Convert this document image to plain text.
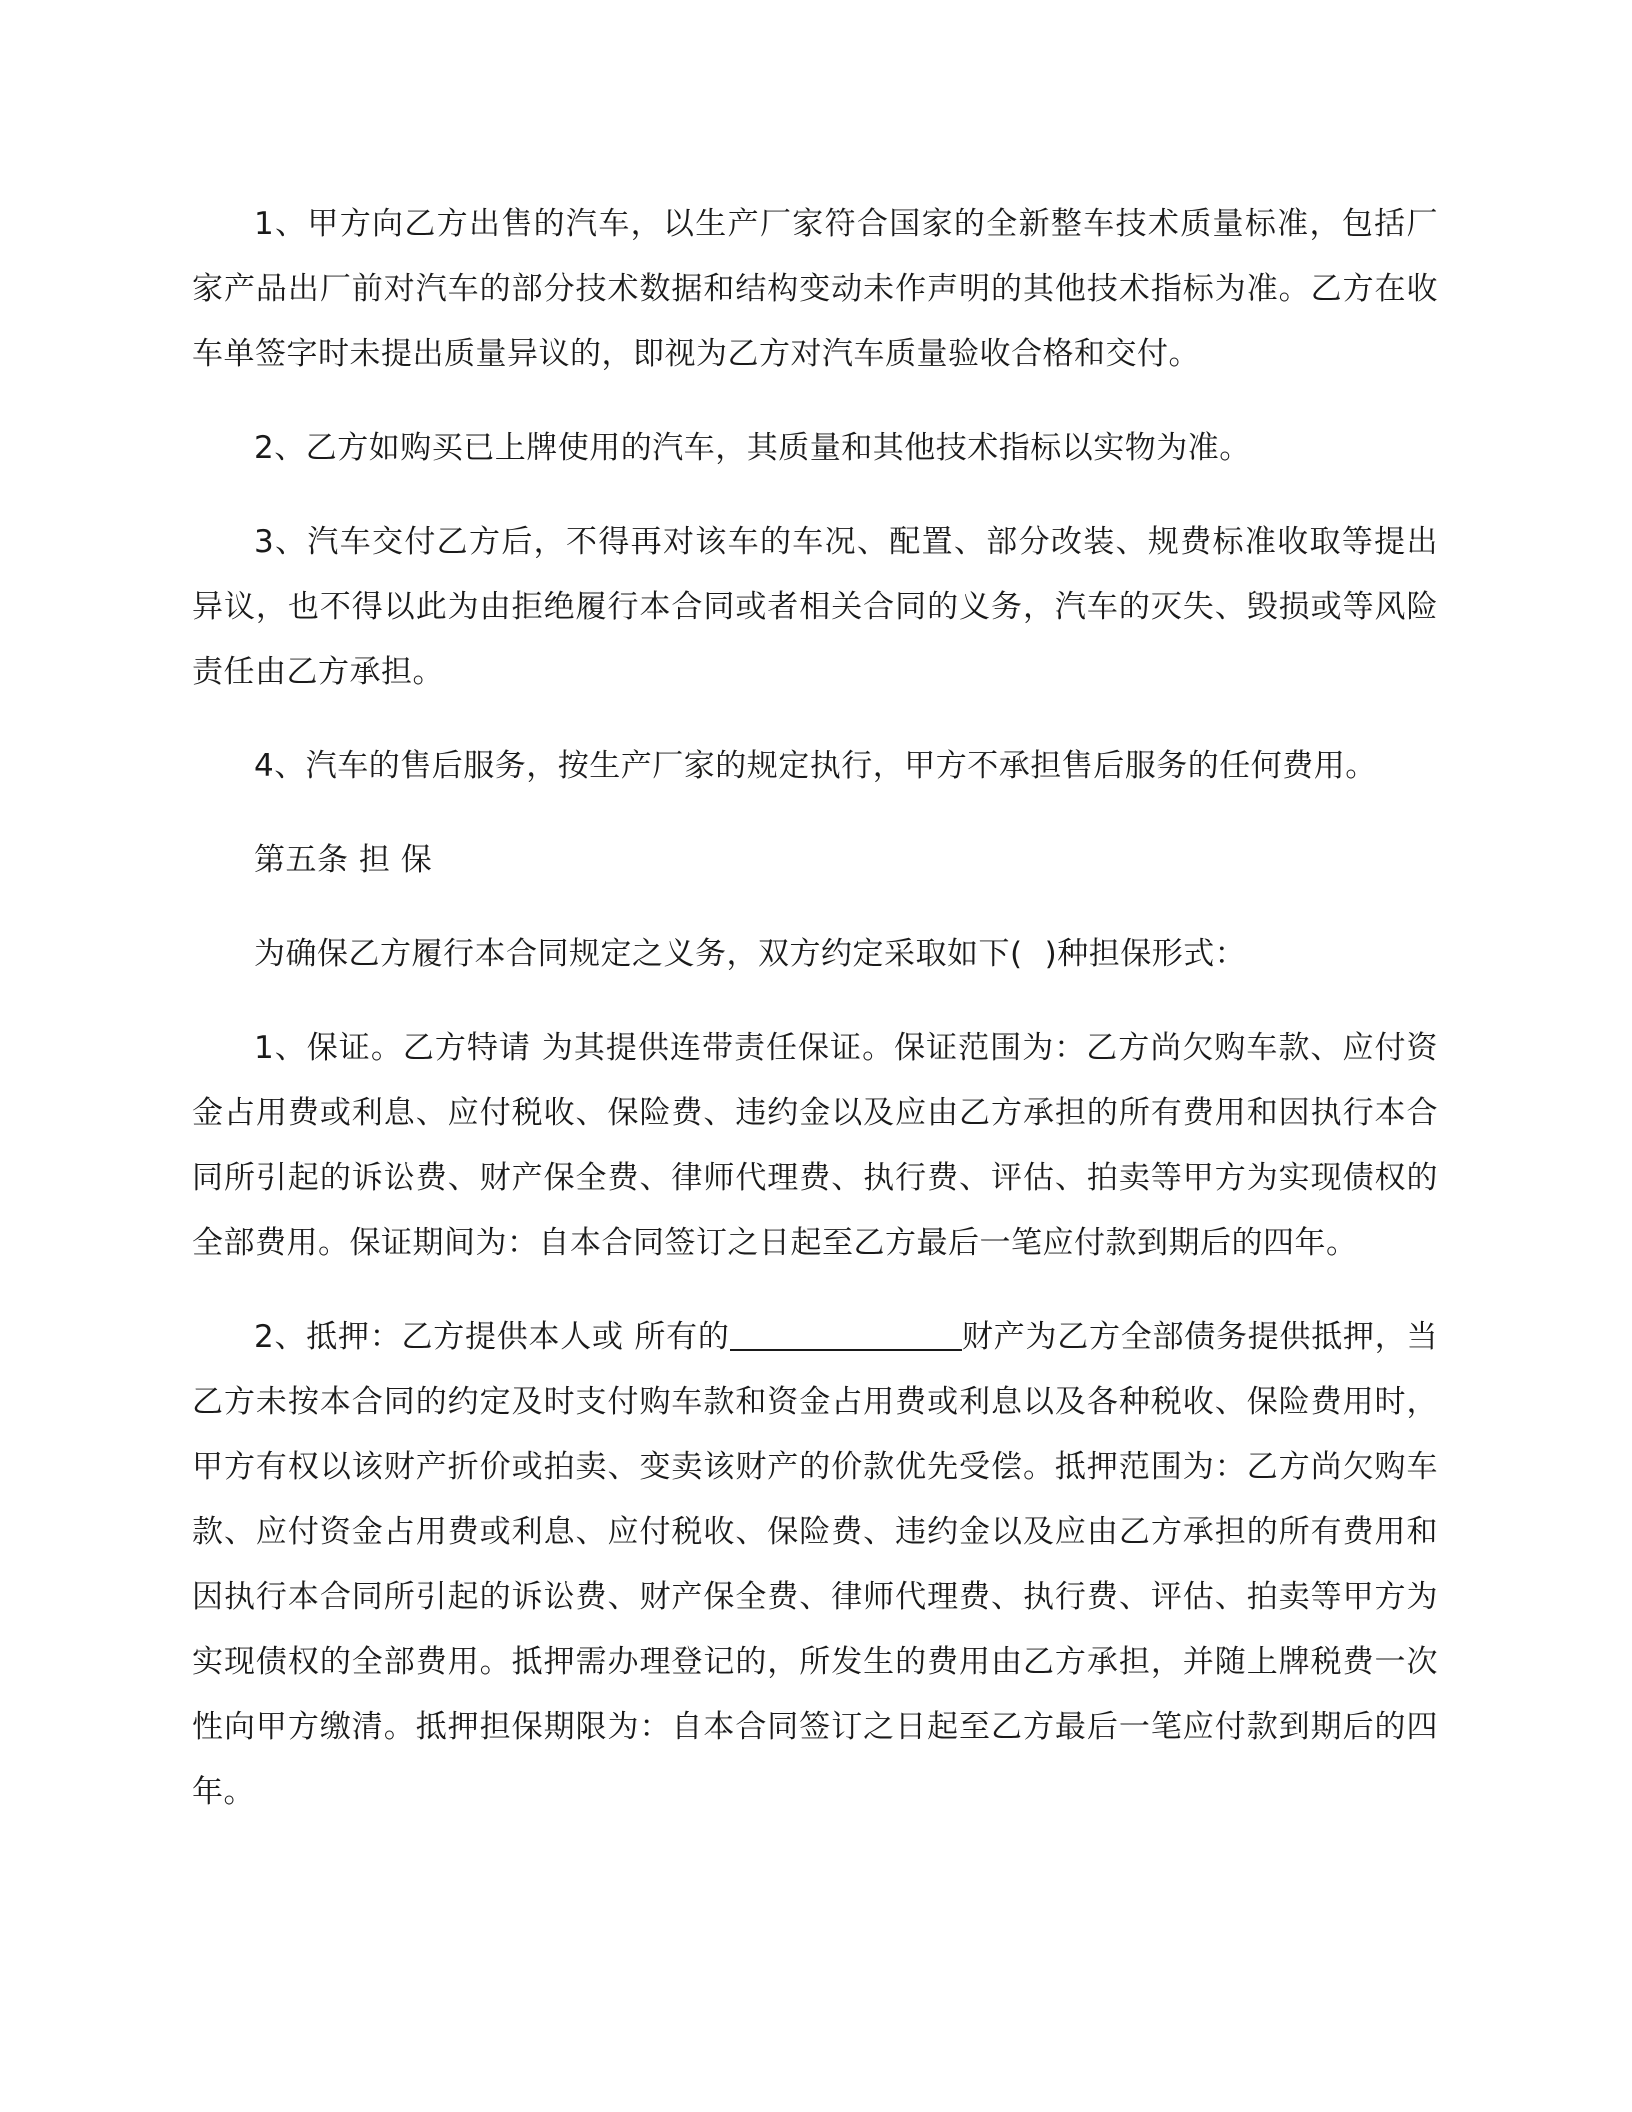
1、甲方向乙方出售的汽车，以生产厂家符合国家的全新整车技术质量标准，包括厂家产品出厂前对汽车的部分技术数据和结构变动未作声明的其他技术指标为准。乙方在收车单签字时未提出质量异议的，即视为乙方对汽车质量验收合格和交付。

2、乙方如购买已上牌使用的汽车，其质量和其他技术指标以实物为准。

3、汽车交付乙方后，不得再对该车的车况、配置、部分改装、规费标准收取等提出异议，也不得以此为由拒绝履行本合同或者相关合同的义务，汽车的灭失、毁损或等风险责任由乙方承担。

4、汽车的售后服务，按生产厂家的规定执行，甲方不承担售后服务的任何费用。

第五条 担 保

为确保乙方履行本合同规定之义务，双方约定采取如下( )种担保形式：

1、保证。乙方特请 为其提供连带责任保证。保证范围为：乙方尚欠购车款、应付资金占用费或利息、应付税收、保险费、违约金以及应由乙方承担的所有费用和因执行本合同所引起的诉讼费、财产保全费、律师代理费、执行费、评估、拍卖等甲方为实现债权的全部费用。保证期间为：自本合同签订之日起至乙方最后一笔应付款到期后的四年。

2、抵押：乙方提供本人或 所有的	财产为乙方全部债务提供抵押，当乙方未按本合同的约定及时支付购车款和资金占用费或利息以及各种税收、保险费用时，甲方有权以该财产折价或拍卖、变卖该财产的价款优先受偿。抵押范围为：乙方尚欠购车款、应付资金占用费或利息、应付税收、保险费、违约金以及应由乙方承担的所有费用和因执行本合同所引起的诉讼费、财产保全费、律师代理费、执行费、评估、拍卖等甲方为实现债权的全部费用。抵押需办理登记的，所发生的费用由乙方承担，并随上牌税费一次性向甲方缴清。抵押担保期限为：自本合同签订之日起至乙方最后一笔应付款到期后的四年。
